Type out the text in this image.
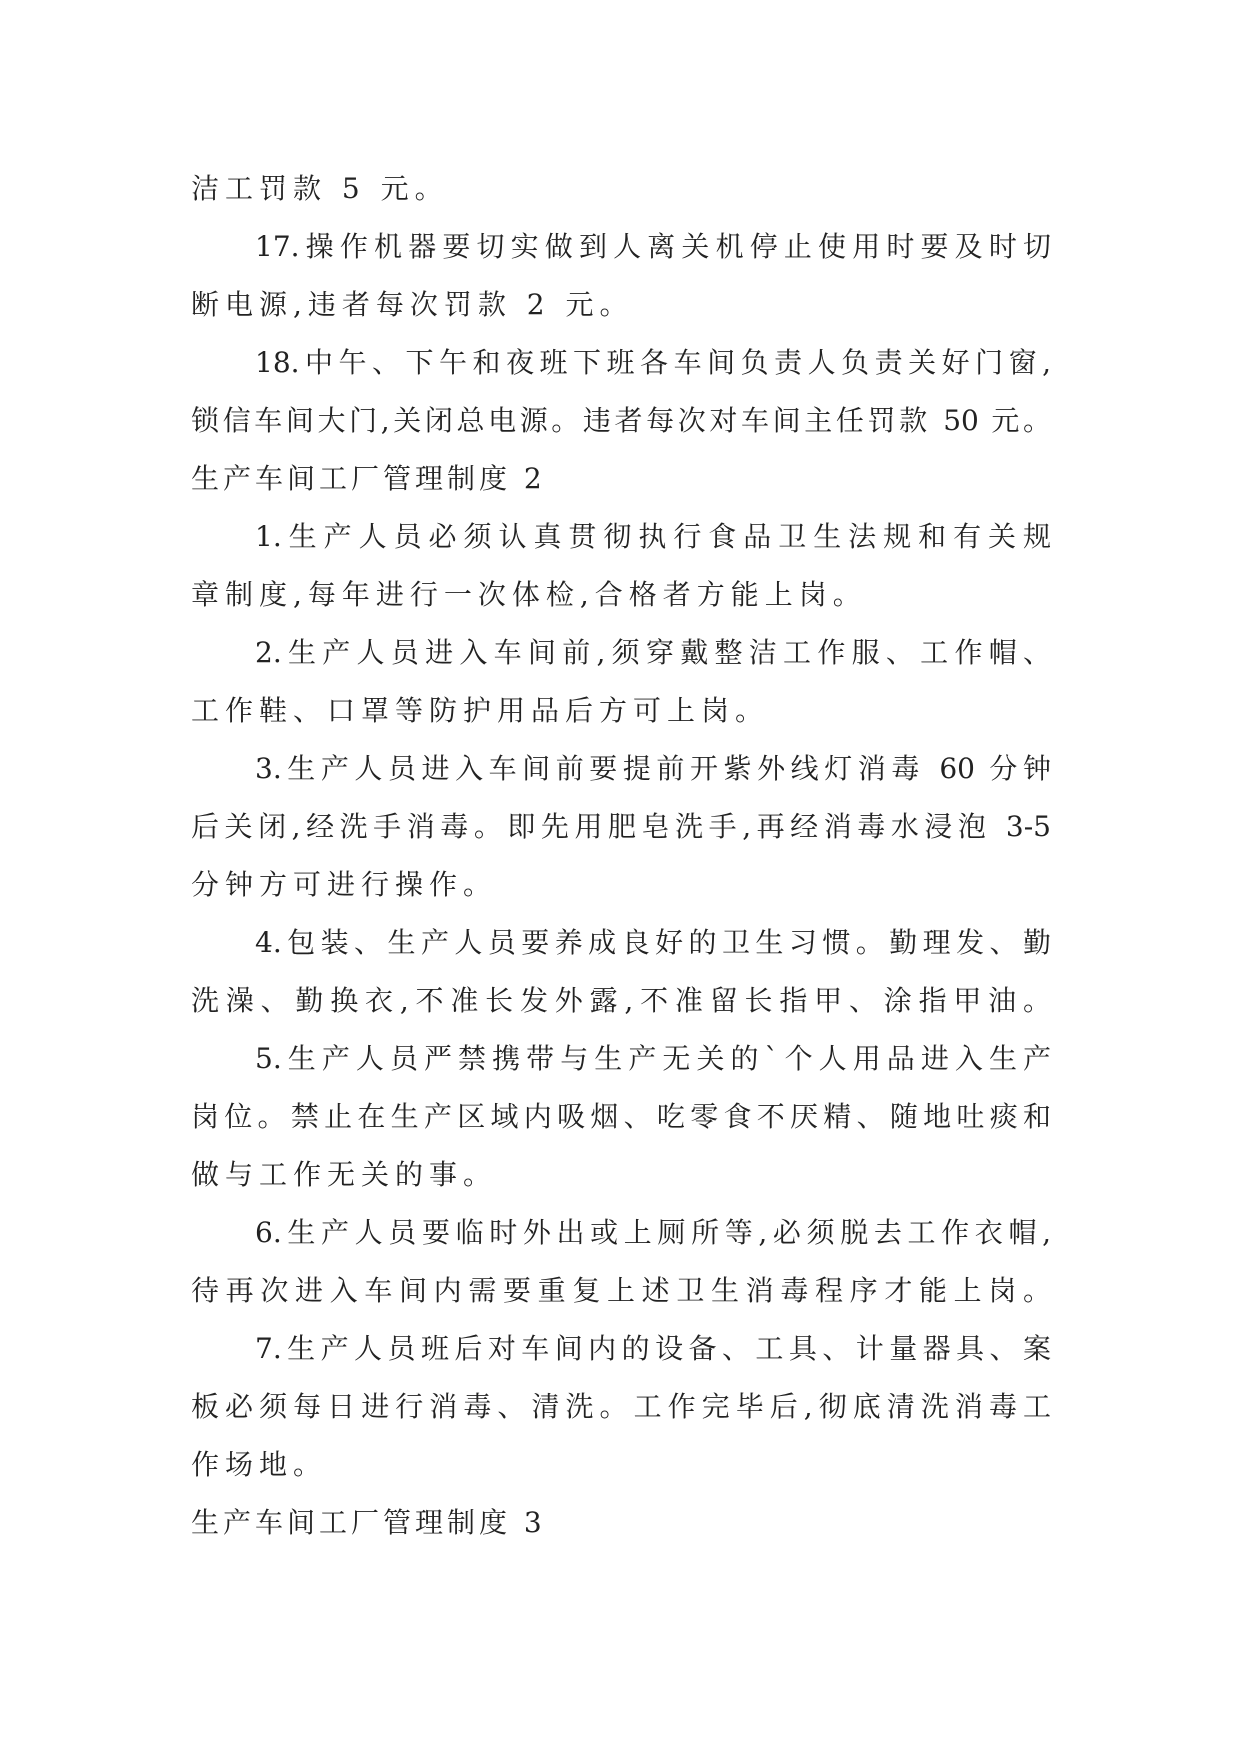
洁工罚款 5 元。
17.操作机器要切实做到人离关机停止使用时要及时切
断电源,违者每次罚款 2 元。
18.中午、下午和夜班下班各车间负责人负责关好门窗,
锁信车间大门,关闭总电源。违者每次对车间主任罚款 50 元。
生产车间工厂管理制度 2
1.生产人员必须认真贯彻执行食品卫生法规和有关规
章制度,每年进行一次体检,合格者方能上岗。
2.生产人员进入车间前,须穿戴整洁工作服、工作帽、
工作鞋、口罩等防护用品后方可上岗。
3.生产人员进入车间前要提前开紫外线灯消毒 60 分钟
后关闭,经洗手消毒。即先用肥皂洗手,再经消毒水浸泡 3-5
分钟方可进行操作。
4.包装、生产人员要养成良好的卫生习惯。勤理发、勤
洗澡、勤换衣,不准长发外露,不准留长指甲、涂指甲油。
5.生产人员严禁携带与生产无关的`个人用品进入生产
岗位。禁止在生产区域内吸烟、吃零食不厌精、随地吐痰和
做与工作无关的事。
6.生产人员要临时外出或上厕所等,必须脱去工作衣帽,
待再次进入车间内需要重复上述卫生消毒程序才能上岗。
7.生产人员班后对车间内的设备、工具、计量器具、案
板必须每日进行消毒、清洗。工作完毕后,彻底清洗消毒工
作场地。
生产车间工厂管理制度 3
